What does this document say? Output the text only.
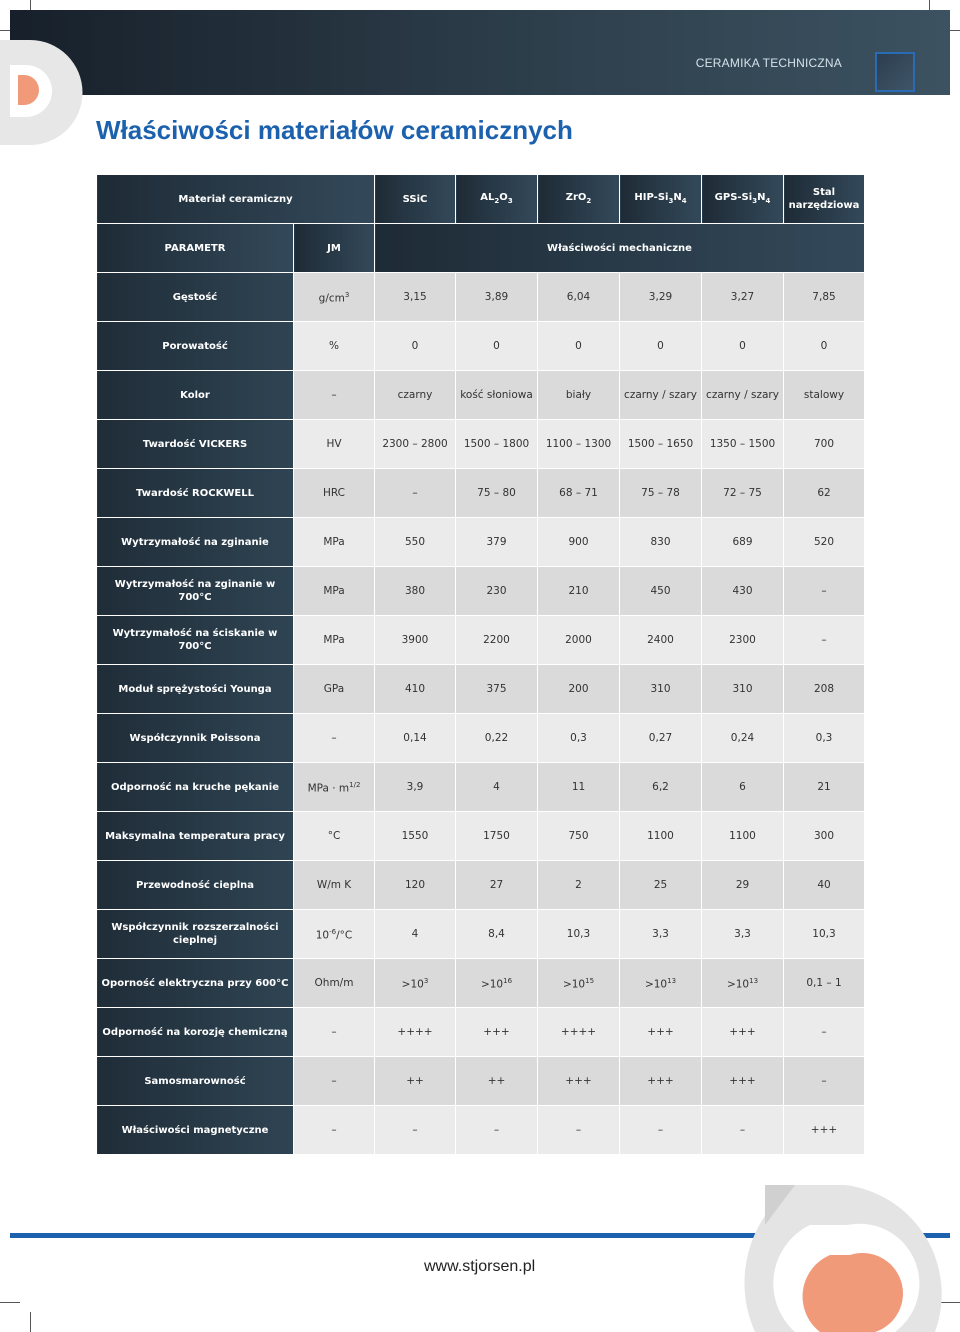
CERAMIKA TECHNICZNA
Właściwości materiałów ceramicznych
Materiał ceramiczny		SSiC	$AL_2O_3$	ZrO$_2$	HIP-$Si_3N_4$	GPS-$Si_3N_4$	Stal
narzędziowa
PARAMETR	JM	Właściwości mechaniczne					
Gęstość	$g/cm^3$	3,15	3,89	6,04	3,29	3,27	7,85
Porowatość	%	0	0	0	0	0	0
Kolor	–	czarny	kość słoniowa	biały	czarny / szary	czarny / szary	stalowy
Twardość VICKERS	HV	2300 – 2800	1500 – 1800	1100 – 1300	1500 – 1650	1350 – 1500	700
Twardość ROCKWELL	HRC	–	75 – 80	68 – 71	75 – 78	72 – 75	62
Wytrzymałość na zginanie	MPa	550	379	900	830	689	520
Wytrzymałość na zginanie w 700°C	MPa	380	230	210	450	430	–
Wytrzymałość na ściskanie w 700°C	MPa	3900	2200	2000	2400	2300	–
Moduł sprężystości Younga	GPa	410	375	200	310	310	208
Współczynnik Poissona	–	0,14	0,22	0,3	0,27	0,24	0,3
Odporność na kruche pękanie	MPa · $m^{1/2}$	3,9	4	11	6,2	6	21
Maksymalna temperatura pracy	°C	1550	1750	750	1100	1100	300
Przewodność cieplna	W/m K	120	27	2	25	29	40
Współczynnik rozszerzalności cieplnej	$10^{-6}/^\circ C$	4	8,4	10,3	3,3	3,3	10,3
Oporność elektryczna przy 600°C	Ohm/m	$>10^3$	$>10^{16}$	$>10^{15}$	$>10^{13}$	$>10^{13}$	0,1 – 1
Odporność na korozję chemiczną	–	++++	+++	++++	+++	+++	–
Samosmarowność	–	++	++	+++	+++	+++	–
Właściwości magnetyczne	–	–	–	–	–	–	+++
www.stjorsen.pl
